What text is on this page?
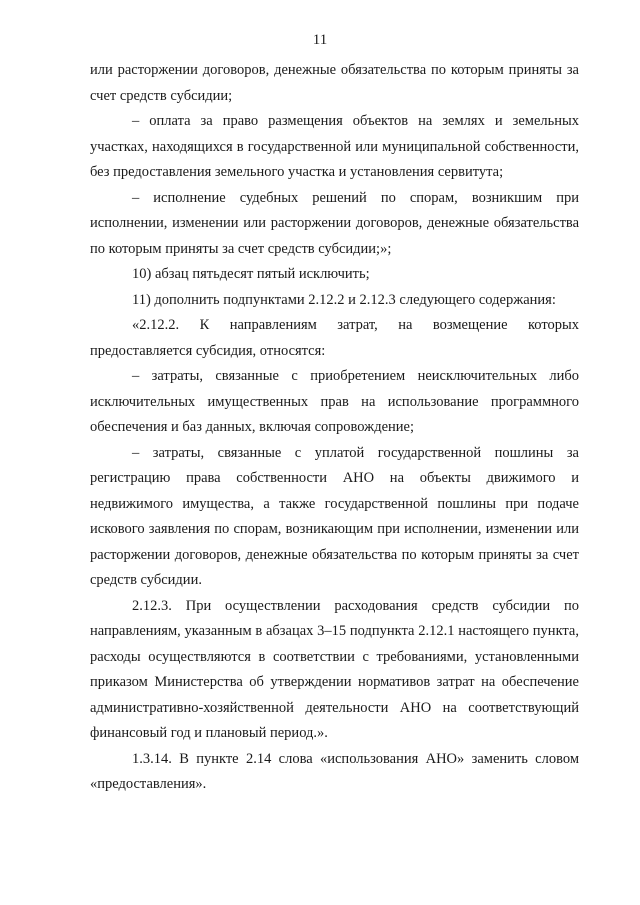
11

или расторжении договоров, денежные обязательства по которым приняты за счет средств субсидии;

– оплата за право размещения объектов на землях и земельных участках, находящихся в государственной или муниципальной собственности, без предоставления земельного участка и установления сервитута;

– исполнение судебных решений по спорам, возникшим при исполнении, изменении или расторжении договоров, денежные обязательства по которым приняты за счет средств субсидии;»;

10) абзац пятьдесят пятый исключить;

11) дополнить подпунктами 2.12.2 и 2.12.3 следующего содержания:

«2.12.2. К направлениям затрат, на возмещение которых предоставляется субсидия, относятся:

– затраты, связанные с приобретением неисключительных либо исключительных имущественных прав на использование программного обеспечения и баз данных, включая сопровождение;

– затраты, связанные с уплатой государственной пошлины за регистрацию права собственности АНО на объекты движимого и недвижимого имущества, а также государственной пошлины при подаче искового заявления по спорам, возникающим при исполнении, изменении или расторжении договоров, денежные обязательства по которым приняты за счет средств субсидии.

2.12.3. При осуществлении расходования средств субсидии по направлениям, указанным в абзацах 3–15 подпункта 2.12.1 настоящего пункта, расходы осуществляются в соответствии с требованиями, установленными приказом Министерства об утверждении нормативов затрат на обеспечение административно-хозяйственной деятельности АНО на соответствующий финансовый год и плановый период.».

1.3.14. В пункте 2.14 слова «использования АНО» заменить словом «предоставления».
